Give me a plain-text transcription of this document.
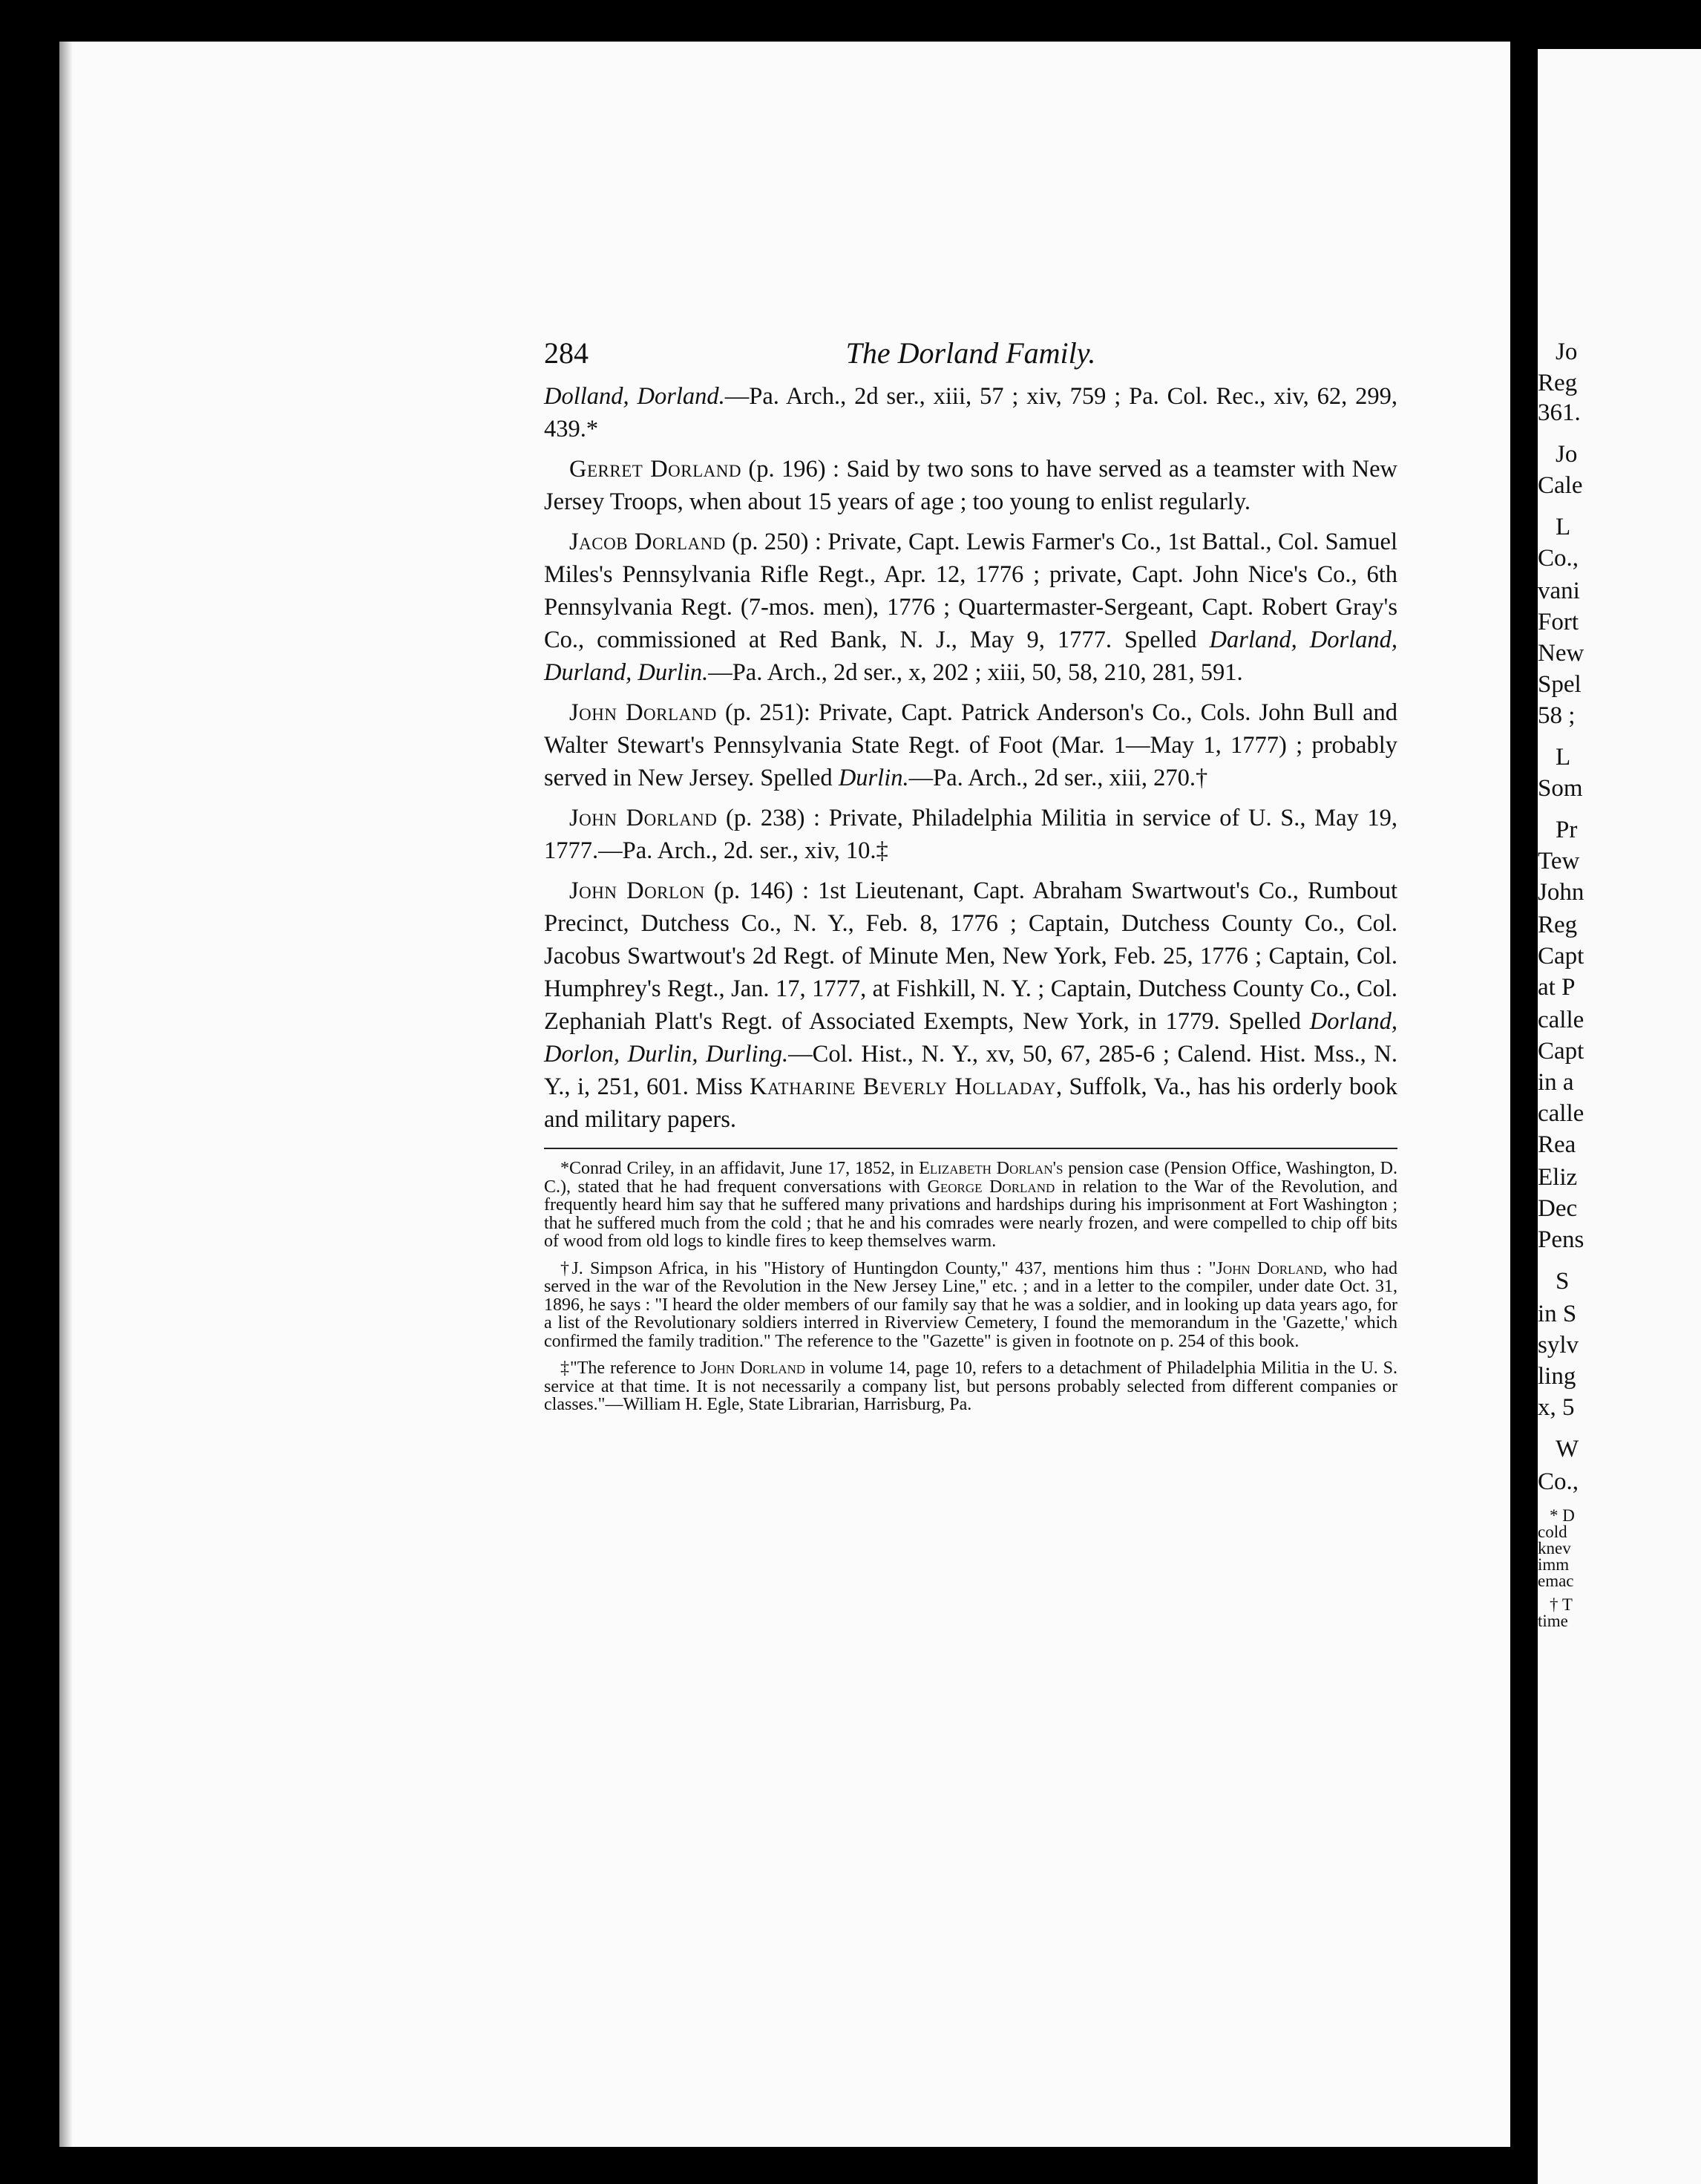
Jo
Reg
361.
Jo
Cale
L
Co.,
vani
Fort
New
Spel
58 ;
L
Som
Pr
Tew
John
Reg
Capt
at P
calle
Capt
in a
calle
Rea
Eliz
Dec
Pens
S
in S
sylv
ling
x, 5
W
Co.,
* D
cold
knev
imm
emac
† T
time
284	The Dorland Family.

Dolland, Dorland.—Pa. Arch., 2d ser., xiii, 57 ; xiv, 759 ; Pa. Col. Rec., xiv, 62, 299, 439.*

Gerret Dorland (p. 196) : Said by two sons to have served as a teamster with New Jersey Troops, when about 15 years of age ; too young to enlist regularly.

Jacob Dorland (p. 250) : Private, Capt. Lewis Farmer's Co., 1st Battal., Col. Samuel Miles's Pennsylvania Rifle Regt., Apr. 12, 1776 ; private, Capt. John Nice's Co., 6th Pennsylvania Regt. (7-mos. men), 1776 ; Quartermaster-Sergeant, Capt. Robert Gray's Co., commissioned at Red Bank, N. J., May 9, 1777. Spelled Darland, Dorland, Durland, Durlin.—Pa. Arch., 2d ser., x, 202 ; xiii, 50, 58, 210, 281, 591.

John Dorland (p. 251): Private, Capt. Patrick Anderson's Co., Cols. John Bull and Walter Stewart's Pennsylvania State Regt. of Foot (Mar. 1—May 1, 1777) ; probably served in New Jersey. Spelled Durlin.—Pa. Arch., 2d ser., xiii, 270.†

John Dorland (p. 238) : Private, Philadelphia Militia in service of U. S., May 19, 1777.—Pa. Arch., 2d. ser., xiv, 10.‡

John Dorlon (p. 146) : 1st Lieutenant, Capt. Abraham Swartwout's Co., Rumbout Precinct, Dutchess Co., N. Y., Feb. 8, 1776 ; Captain, Dutchess County Co., Col. Jacobus Swartwout's 2d Regt. of Minute Men, New York, Feb. 25, 1776 ; Captain, Col. Humphrey's Regt., Jan. 17, 1777, at Fishkill, N. Y. ; Captain, Dutchess County Co., Col. Zephaniah Platt's Regt. of Associated Exempts, New York, in 1779. Spelled Dorland, Dorlon, Durlin, Durling.—Col. Hist., N. Y., xv, 50, 67, 285-6 ; Calend. Hist. Mss., N. Y., i, 251, 601. Miss Katharine Beverly Holladay, Suffolk, Va., has his orderly book and military papers.

*Conrad Criley, in an affidavit, June 17, 1852, in Elizabeth Dorlan's pension case (Pension Office, Washington, D. C.), stated that he had frequent conversations with George Dorland in relation to the War of the Revolution, and frequently heard him say that he suffered many privations and hardships during his imprisonment at Fort Washington ; that he suffered much from the cold ; that he and his comrades were nearly frozen, and were compelled to chip off bits of wood from old logs to kindle fires to keep themselves warm.

†J. Simpson Africa, in his "History of Huntingdon County," 437, mentions him thus : "John Dorland, who had served in the war of the Revolution in the New Jersey Line," etc. ; and in a letter to the compiler, under date Oct. 31, 1896, he says : "I heard the older members of our family say that he was a soldier, and in looking up data years ago, for a list of the Revolutionary soldiers interred in Riverview Cemetery, I found the memorandum in the 'Gazette,' which confirmed the family tradition." The reference to the "Gazette" is given in footnote on p. 254 of this book.

‡"The reference to John Dorland in volume 14, page 10, refers to a detachment of Philadelphia Militia in the U. S. service at that time. It is not necessarily a company list, but persons probably selected from different companies or classes."—William H. Egle, State Librarian, Harrisburg, Pa.
